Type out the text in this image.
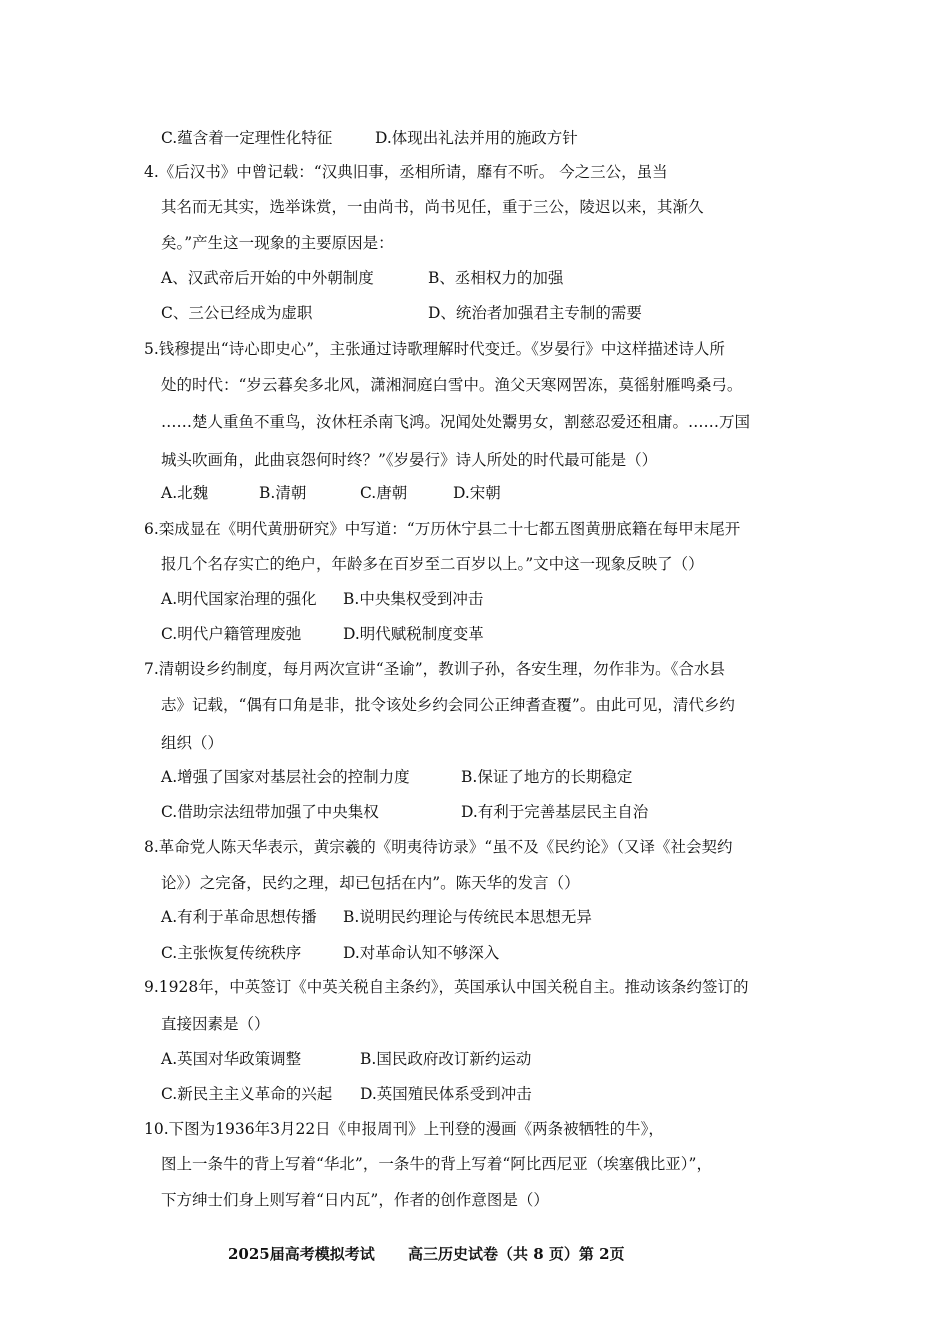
C.蕴含着一定理性化特征	D.体现出礼法并用的施政方针
4.《后汉书》中曾记载：“汉典旧事，丞相所请，靡有不听。 今之三公，虽当
其名而无其实，选举诛赏，一由尚书，尚书见任，重于三公，陵迟以来，其渐久
矣。”产生这一现象的主要原因是：
A、汉武帝后开始的中外朝制度	B、丞相权力的加强
C、三公已经成为虚职	D、统治者加强君主专制的需要
5.钱穆提出“诗心即史心”，主张通过诗歌理解时代变迁。《岁晏行》中这样描述诗人所
处的时代：“岁云暮矣多北风，潇湘洞庭白雪中。渔父天寒网罟冻，莫徭射雁鸣桑弓。
……楚人重鱼不重鸟，汝休枉杀南飞鸿。况闻处处鬻男女，割慈忍爱还租庸。……万国
城头吹画角，此曲哀怨何时终？”《岁晏行》诗人所处的时代最可能是（）
A.北魏	B.清朝	C.唐朝	D.宋朝
6.栾成显在《明代黄册研究》中写道：“万历休宁县二十七都五图黄册底籍在每甲末尾开
报几个名存实亡的绝户，年龄多在百岁至二百岁以上。”文中这一现象反映了（）
A.明代国家治理的强化 B.中央集权受到冲击
C.明代户籍管理废弛	D.明代赋税制度变革
7.清朝设乡约制度，每月两次宣讲“圣谕”，教训子孙，各安生理，勿作非为。《合水县
志》记载，“偶有口角是非，批令该处乡约会同公正绅耆查覆”。由此可见，清代乡约
组织（）
A.增强了国家对基层社会的控制力度	B.保证了地方的长期稳定
C.借助宗法纽带加强了中央集权	D.有利于完善基层民主自治
8.革命党人陈天华表示，黄宗羲的《明夷待访录》“虽不及《民约论》（又译《社会契约
论》）之完备，民约之理，却已包括在内”。陈天华的发言（）
A.有利于革命思想传播 B.说明民约理论与传统民本思想无异
C.主张恢复传统秩序	D.对革命认知不够深入
9.1928年，中英签订《中英关税自主条约》，英国承认中国关税自主。推动该条约签订的
直接因素是（）
A.英国对华政策调整	B.国民政府改订新约运动
C.新民主主义革命的兴起 D.英国殖民体系受到冲击
10.下图为1936年3月22日《申报周刊》上刊登的漫画《两条被牺牲的牛》，
图上一条牛的背上写着“华北”，一条牛的背上写着“阿比西尼亚（埃塞俄比亚）”，
下方绅士们身上则写着“日内瓦”，作者的创作意图是（）
2025届高考模拟考试 高三历史试卷（共 8 页）第 2页
